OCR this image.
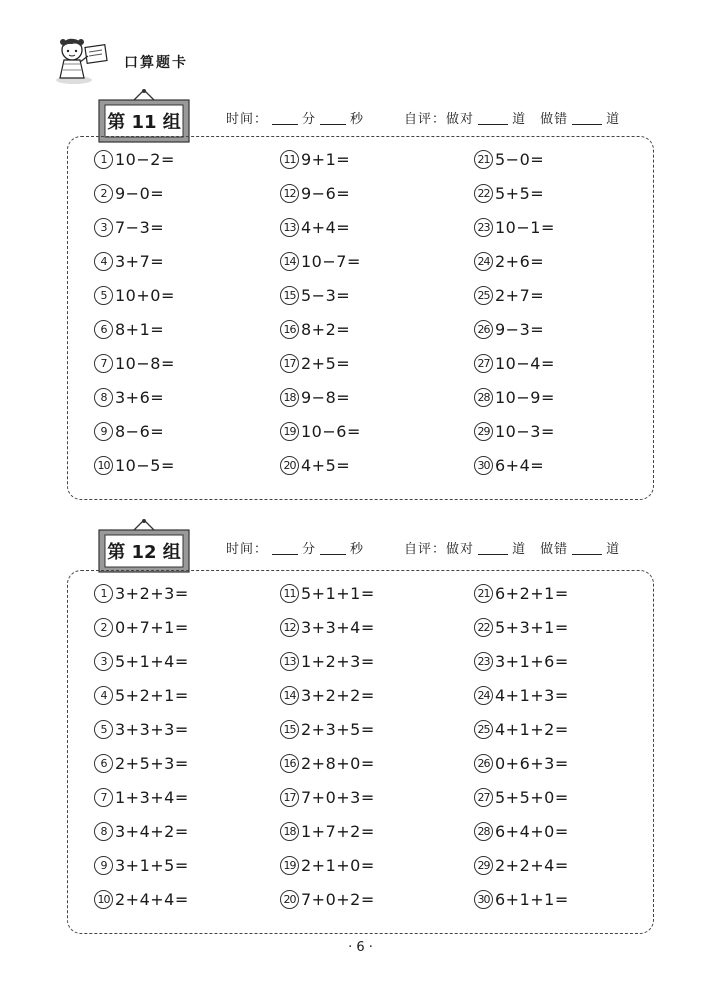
口算题卡
第 11 组	时间：	分	秒	自评：做对	道 做错	道
1 10−2=
2 9−0=
3 7−3=
4 3+7=
5 10+0=
6 8+1=
7 10−8=
8 3+6=
9 8−6=
10 10−5=
11 9+1=
12 9−6=
13 4+4=
14 10−7=
15 5−3=
16 8+2=
17 2+5=
18 9−8=
19 10−6=
20 4+5=
21 5−0=
22 5+5=
23 10−1=
24 2+6=
25 2+7=
26 9−3=
27 10−4=
28 10−9=
29 10−3=
30 6+4=
第 12 组	时间：	分	秒	自评：做对	道 做错	道
1 3+2+3=
2 0+7+1=
3 5+1+4=
4 5+2+1=
5 3+3+3=
6 2+5+3=
7 1+3+4=
8 3+4+2=
9 3+1+5=
10 2+4+4=
11 5+1+1=
12 3+3+4=
13 1+2+3=
14 3+2+2=
15 2+3+5=
16 2+8+0=
17 7+0+3=
18 1+7+2=
19 2+1+0=
20 7+0+2=
21 6+2+1=
22 5+3+1=
23 3+1+6=
24 4+1+3=
25 4+1+2=
26 0+6+3=
27 5+5+0=
28 6+4+0=
29 2+2+4=
30 6+1+1=
· 6 ·
